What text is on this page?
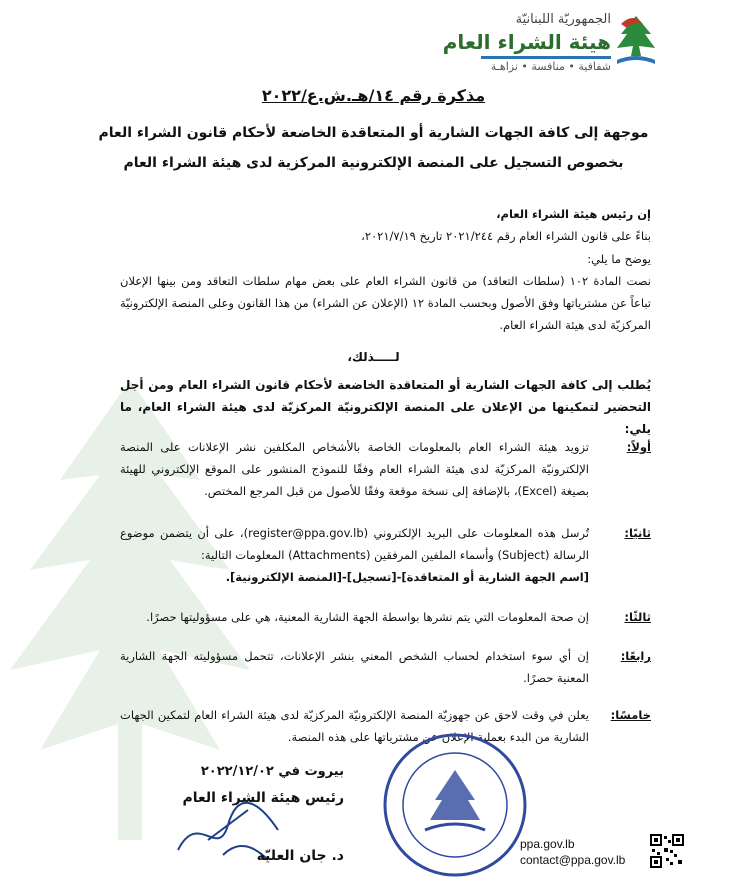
الجمهوريّة اللبنانيّة
هيئة الشراء العام
شفافية • منافسة • نزاهـة
مذكرة رقم ١٤/هـ.ش.ع/٢٠٢٢
موجهة إلى كافة الجهات الشارية أو المتعاقدة الخاضعة لأحكام قانون الشراء العام
بخصوص التسجيل على المنصة الإلكترونية المركزية لدى هيئة الشراء العام
إن رئيس هيئة الشراء العام،
بناءً على قانون الشراء العام رقم ٢٠٢١/٢٤٤ تاريخ ٢٠٢١/٧/١٩،
يوضح ما يلي:
نصت المادة ١٠٢ (سلطات التعاقد) من قانون الشراء العام على بعض مهام سلطات التعاقد ومن بينها الإعلان تباعاً عن مشترياتها وفق الأصول وبحسب المادة ١٢ (الإعلان عن الشراء) من هذا القانون وعلى المنصة الإلكترونيّة المركزيّة لدى هيئة الشراء العام.
لـــــذلك،
يُطلب إلى كافة الجهات الشارية أو المتعاقدة الخاضعة لأحكام قانون الشراء العام ومن أجل التحضير لتمكينها من الإعلان على المنصة الإلكترونيّة المركزيّة لدى هيئة الشراء العام، ما يلي:
أولاً:
تزويد هيئة الشراء العام بالمعلومات الخاصة بالأشخاص المكلفين نشر الإعلانات على المنصة الإلكترونيّة المركزيّة لدى هيئة الشراء العام وفقًا للنموذج المنشور على الموقع الإلكتروني للهيئة بصيغة (Excel)، بالإضافة إلى نسخة موقعة وفقًا للأصول من قبل المرجع المختص.
ثانيًا:
تُرسل هذه المعلومات على البريد الإلكتروني (register@ppa.gov.lb)، على أن يتضمن موضوع الرسالة (Subject) وأسماء الملفين المرفقين (Attachments) المعلومات التالية:
[اسم الجهة الشارية أو المتعاقدة]-[تسجيل]-[المنصة الإلكترونية].
ثالثًا:
إن صحة المعلومات التي يتم نشرها بواسطة الجهة الشارية المعنية، هي على مسؤوليتها حصرًا.
رابعًا:
إن أي سوء استخدام لحساب الشخص المعني بنشر الإعلانات، تتحمل مسؤوليته الجهة الشارية المعنية حصرًا.
خامسًا:
يعلن في وقت لاحق عن جهوزيّة المنصة الإلكترونيّة المركزيّة لدى هيئة الشراء العام لتمكين الجهات الشارية من البدء بعملية الإعلان عن مشترياتها على هذه المنصة.
بيروت في ٢٠٢٢/١٢/٠٢
رئيس هيئة الشراء العام
د. جان العليّة
ppa.gov.lb
contact@ppa.gov.lb
